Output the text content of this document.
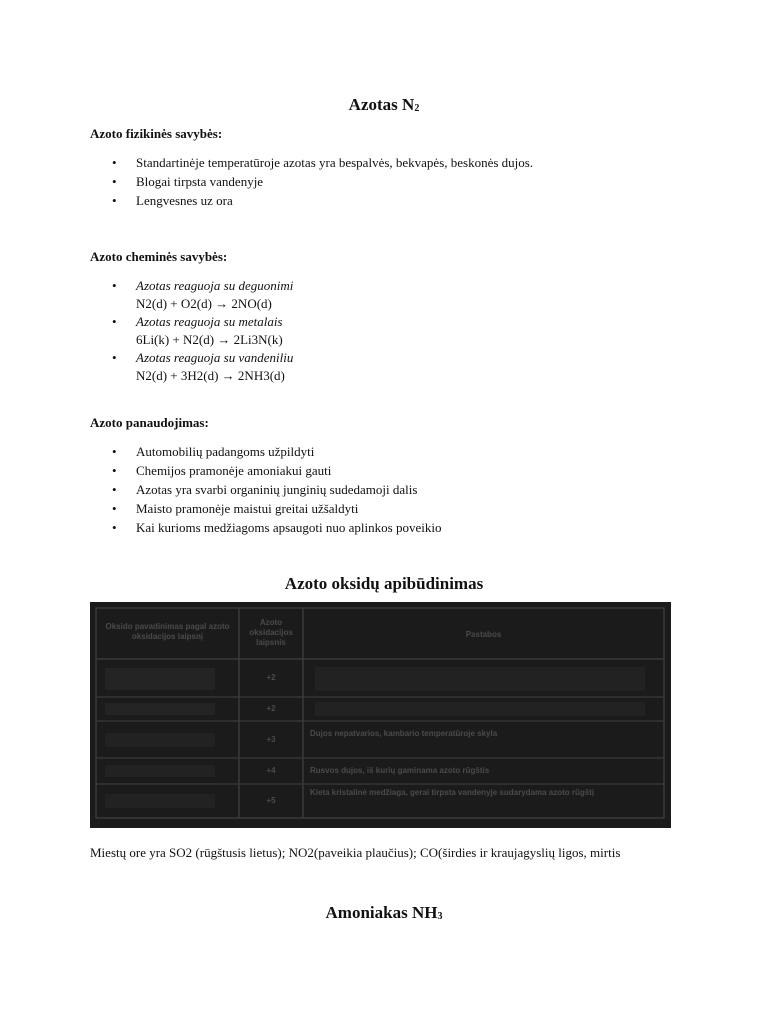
Azotas $N_2$

Azoto fizikinės savybės:

• Standartinėje temperatūroje azotas yra bespalvės, bekvapės, beskonės dujos.
• Blogai tirpsta vandenyje
• Lengvesnes uz ora

Azoto cheminės savybės:

• Azotas reaguoja su deguonimi
N2(d) + O2(d) → 2NO(d)
• Azotas reaguoja su metalais
6Li(k) + N2(d) → 2Li3N(k)
• Azotas reaguoja su vandeniliu
N2(d) + 3H2(d) → 2NH3(d)

Azoto panaudojimas:

• Automobilių padangoms užpildyti
• Chemijos pramonėje amoniakui gauti
• Azotas yra svarbi organinių junginių sudedamoji dalis
• Maisto pramonėje maistui greitai užšaldyti
• Kai kurioms medžiagoms apsaugoti nuo aplinkos poveikio
Azoto oksidų apibūdinimas
Oksido pavadinimas pagal azoto oksidacijos laipsnį
Azoto oksidacijos laipsnis
Pastabos
+2
+2
+3
Dujos nepatvarios, kambario temperatūroje skyla
+4	Rusvos dujos, iš kurių gaminama azoto rūgštis
+5
Kieta kristalinė medžiaga, gerai tirpsta vandenyje sudarydama azoto rūgštį

Miestų ore yra SO2 (rūgštusis lietus); NO2(paveikia plaučius); CO(širdies ir kraujagyslių ligos, mirtis

Amoniakas $NH_3$
